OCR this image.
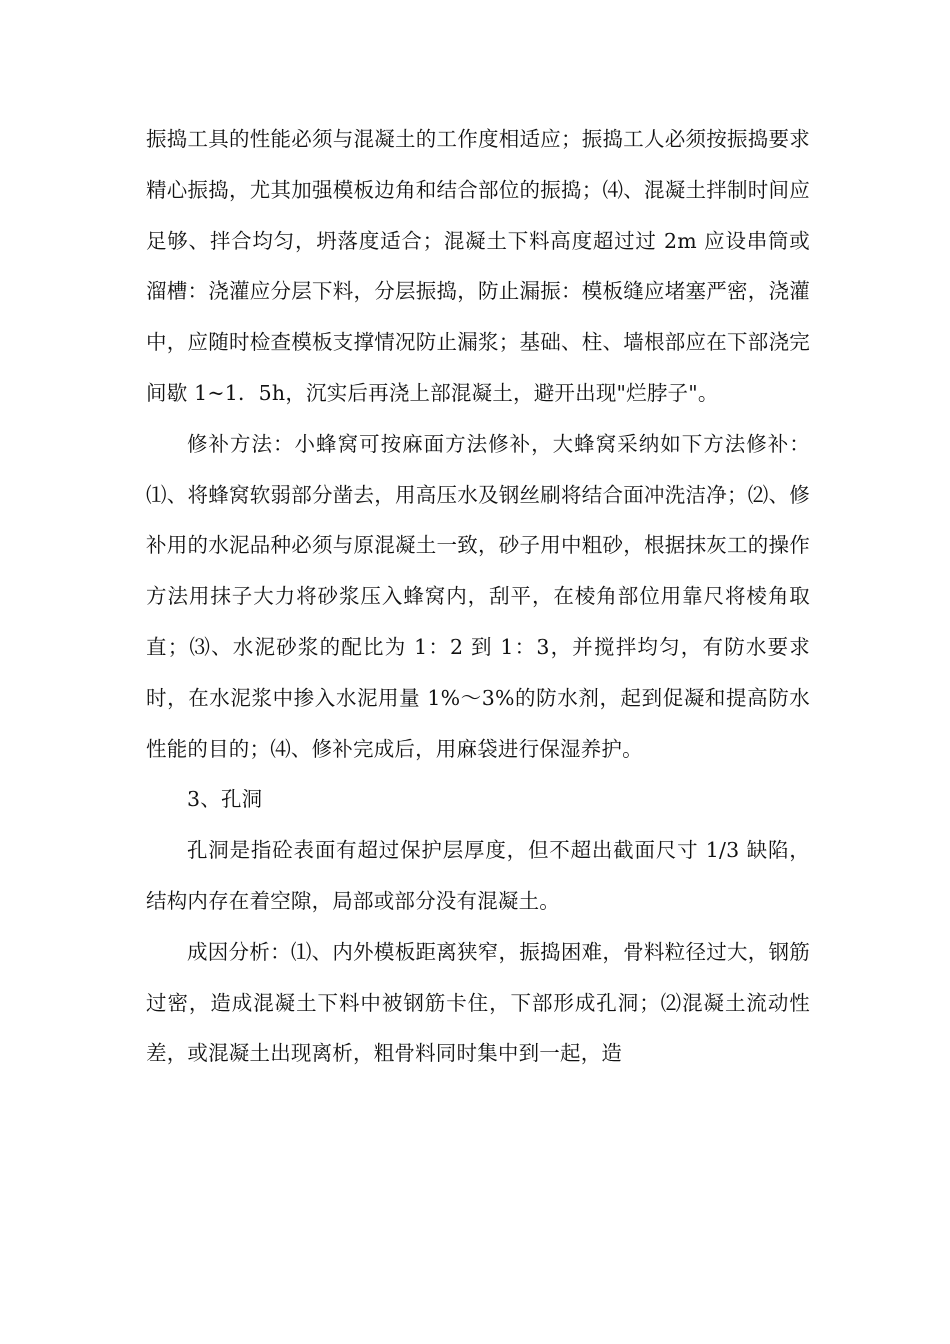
振捣工具的性能必须与混凝土的工作度相适应；振捣工人必须按振捣要求精心振捣，尤其加强模板边角和结合部位的振捣；⑷、混凝土拌制时间应足够、拌合均匀，坍落度适合；混凝土下料高度超过过 2m 应设串筒或溜槽：浇灌应分层下料，分层振捣，防止漏振：模板缝应堵塞严密，浇灌中，应随时检查模板支撑情况防止漏浆；基础、柱、墙根部应在下部浇完间歇 1~1．5h，沉实后再浇上部混凝土，避开出现"烂脖子"。

修补方法：小蜂窝可按麻面方法修补，大蜂窝采纳如下方法修补：⑴、将蜂窝软弱部分凿去，用高压水及钢丝刷将结合面冲洗洁净；⑵、修补用的水泥品种必须与原混凝土一致，砂子用中粗砂，根据抹灰工的操作方法用抹子大力将砂浆压入蜂窝内，刮平，在棱角部位用靠尺将棱角取直；⑶、水泥砂浆的配比为 1：2 到 1：3，并搅拌均匀，有防水要求时，在水泥浆中掺入水泥用量 1%～3%的防水剂，起到促凝和提高防水性能的目的；⑷、修补完成后，用麻袋进行保湿养护。

3、孔洞

孔洞是指砼表面有超过保护层厚度，但不超出截面尺寸 1/3 缺陷，结构内存在着空隙，局部或部分没有混凝土。

成因分析：⑴、内外模板距离狭窄，振捣困难，骨料粒径过大，钢筋过密，造成混凝土下料中被钢筋卡住，下部形成孔洞；⑵混凝土流动性差，或混凝土出现离析，粗骨料同时集中到一起，造
